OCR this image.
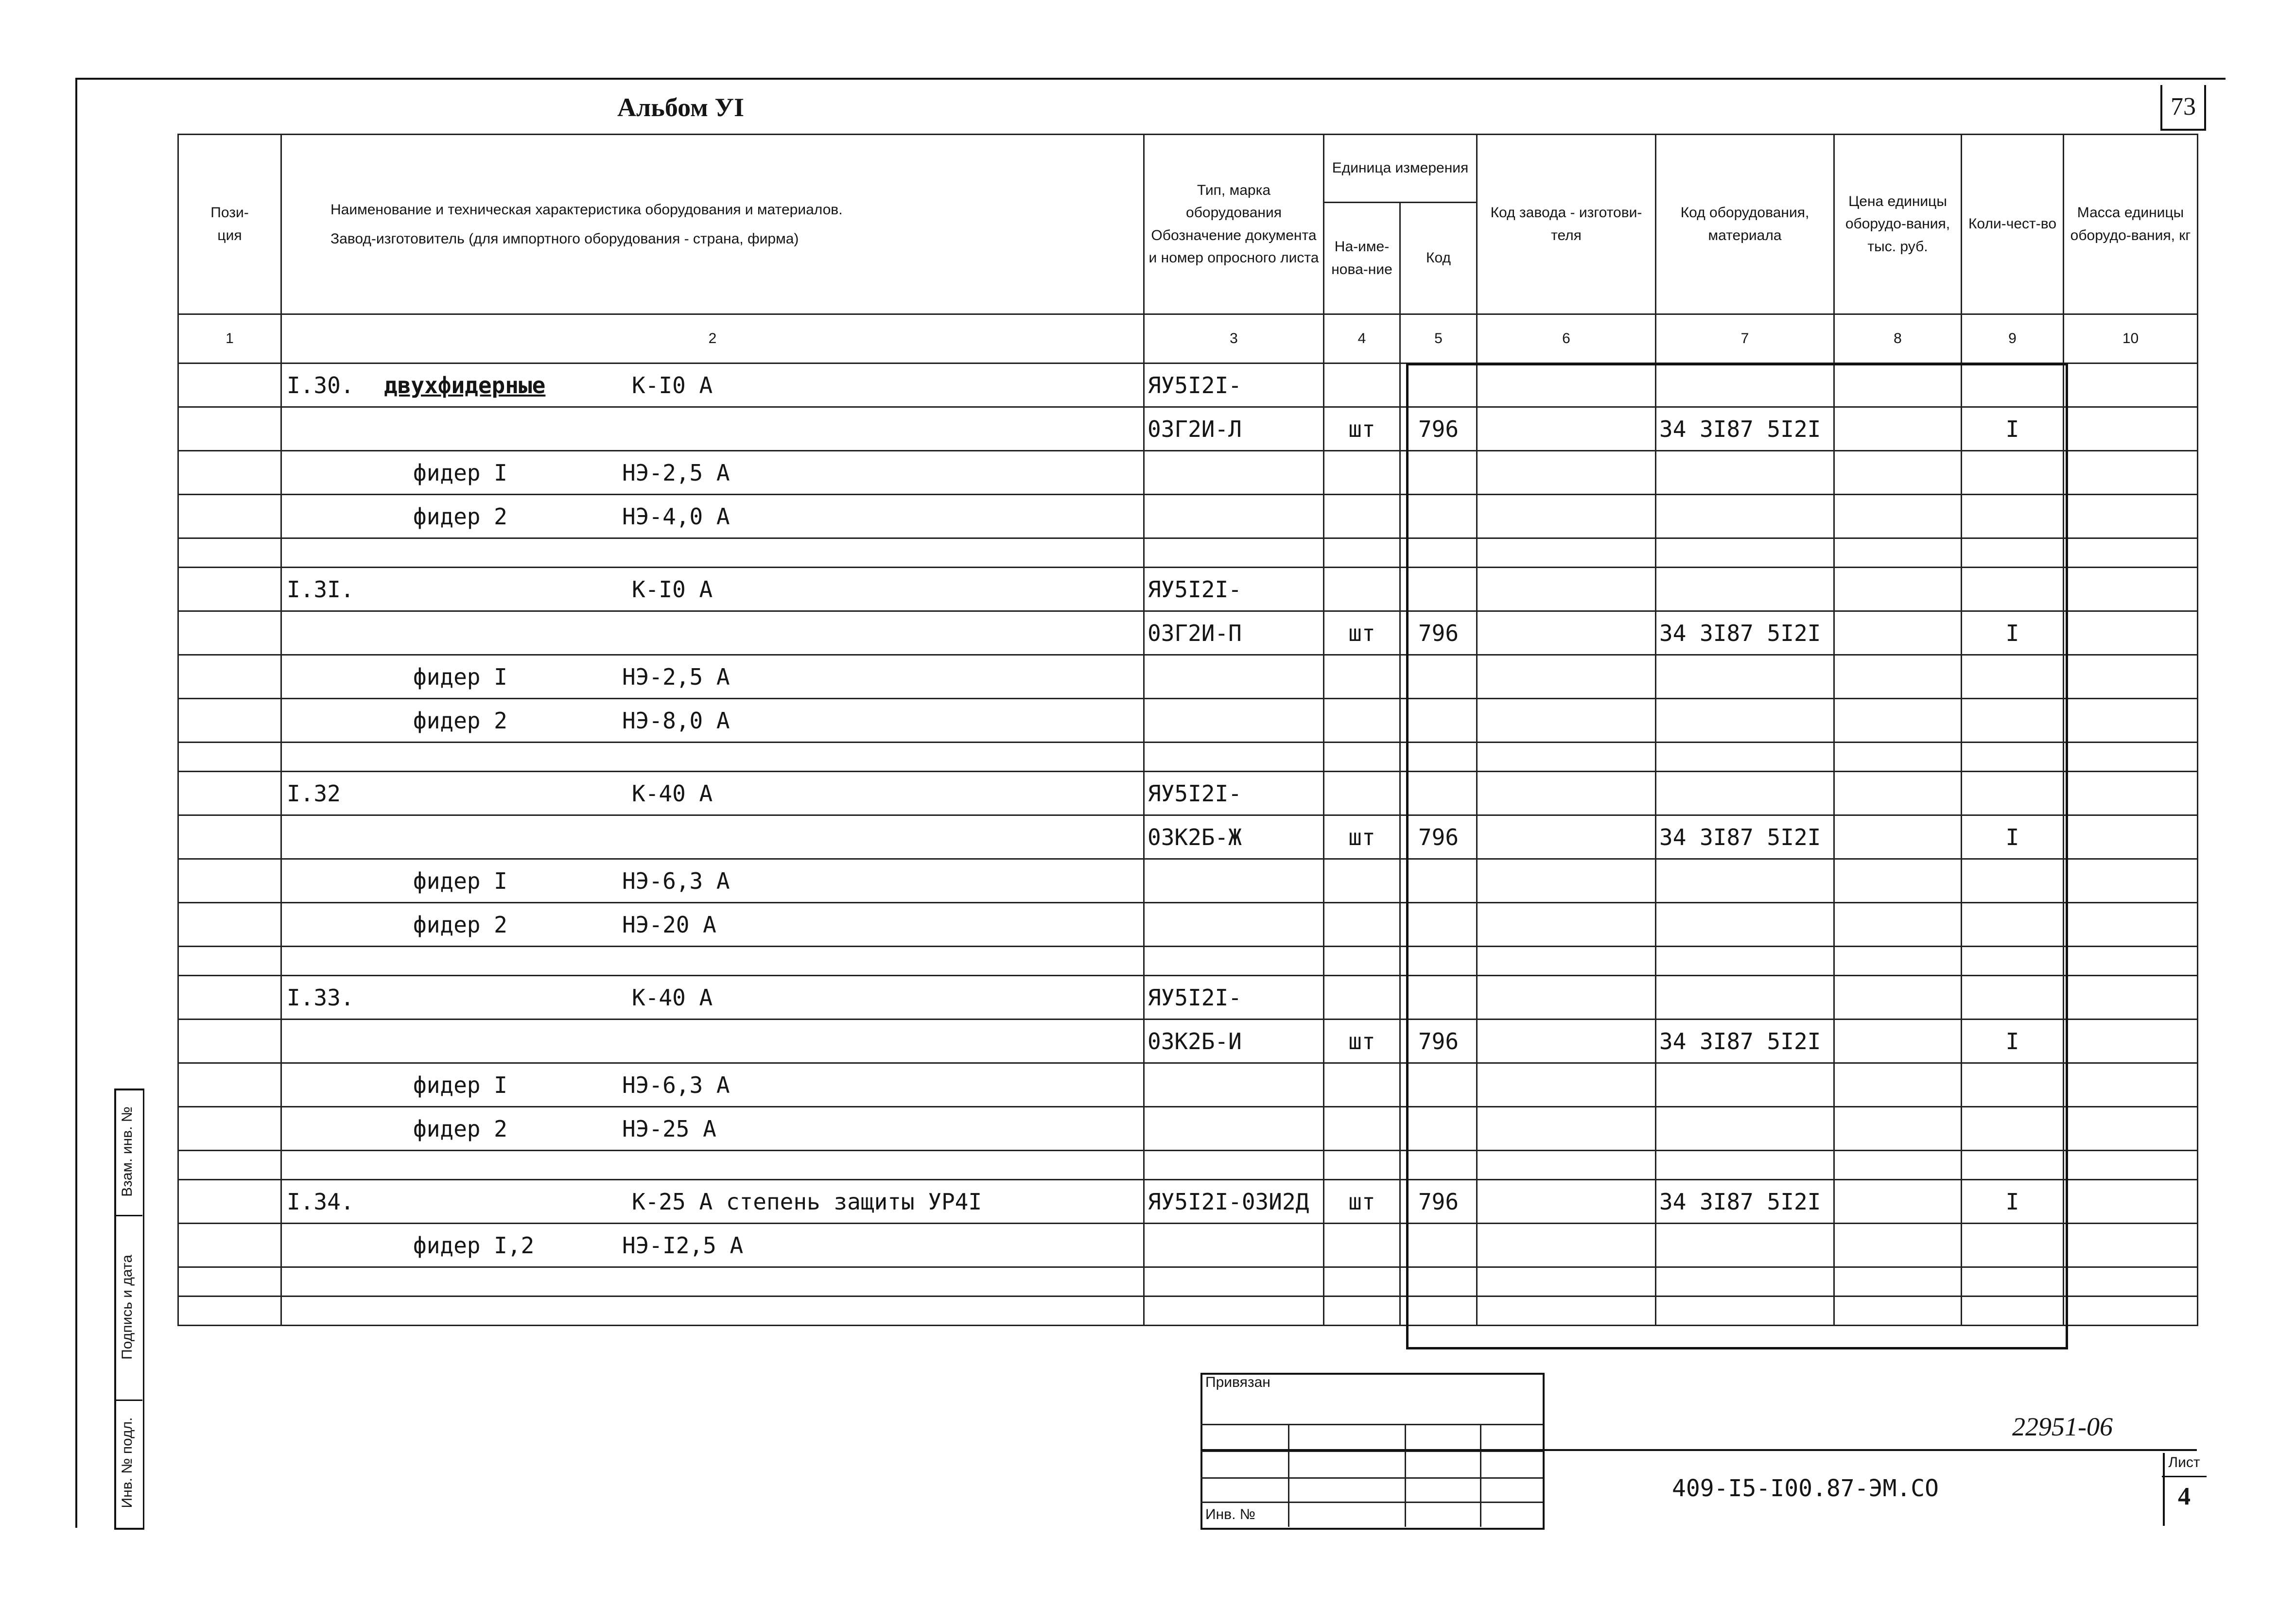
Альбом УI	73
Пози-
ция	Наименование и техническая характеристика оборудования и материалов.
Завод-изготовитель (для импортного оборудования - страна, фирма)	Тип, марка оборудования Обозначение документа и номер опросного листа	Единица измерения		Код завода - изготови-теля	Код оборудования, материала	Цена единицы оборудо-вания, тыс. руб.	Коли-чест-во	Масса единицы оборудо-вания, кг
			На-име-нова-ние	Код					
1	2	3	4	5	6	7	8	9	10
	I.30. двухфидерные К-I0 А	ЯУ5I2I-							
		03Г2И-Л	шт	796		34 3I87 5I2I		I	
	фидер I НЭ-2,5 А								
	фидер 2 НЭ-4,0 А								

	I.3I. К-I0 А	ЯУ5I2I-							
		03Г2И-П	шт	796		34 3I87 5I2I		I	
	фидер I НЭ-2,5 А								
	фидер 2 НЭ-8,0 А								

	I.32 К-40 А	ЯУ5I2I-							
		03К2Б-Ж	шт	796		34 3I87 5I2I		I	
	фидер I НЭ-6,3 А								
	фидер 2 НЭ-20 А								

	I.33. К-40 А	ЯУ5I2I-							
		03К2Б-И	шт	796		34 3I87 5I2I		I	
	фидер I НЭ-6,3 А								
	фидер 2 НЭ-25 А								

	I.34. К-25 А степень защиты УР4I	ЯУ5I2I-03И2Д	шт	796		34 3I87 5I2I		I	
	фидер I,2 НЭ-I2,5 А								

Взам. инв. №
Подпись и дата
Инв. № подл.
Привязан
Инв. №
22951-06
409-I5-I00.87-ЭМ.СО
Лист
4
